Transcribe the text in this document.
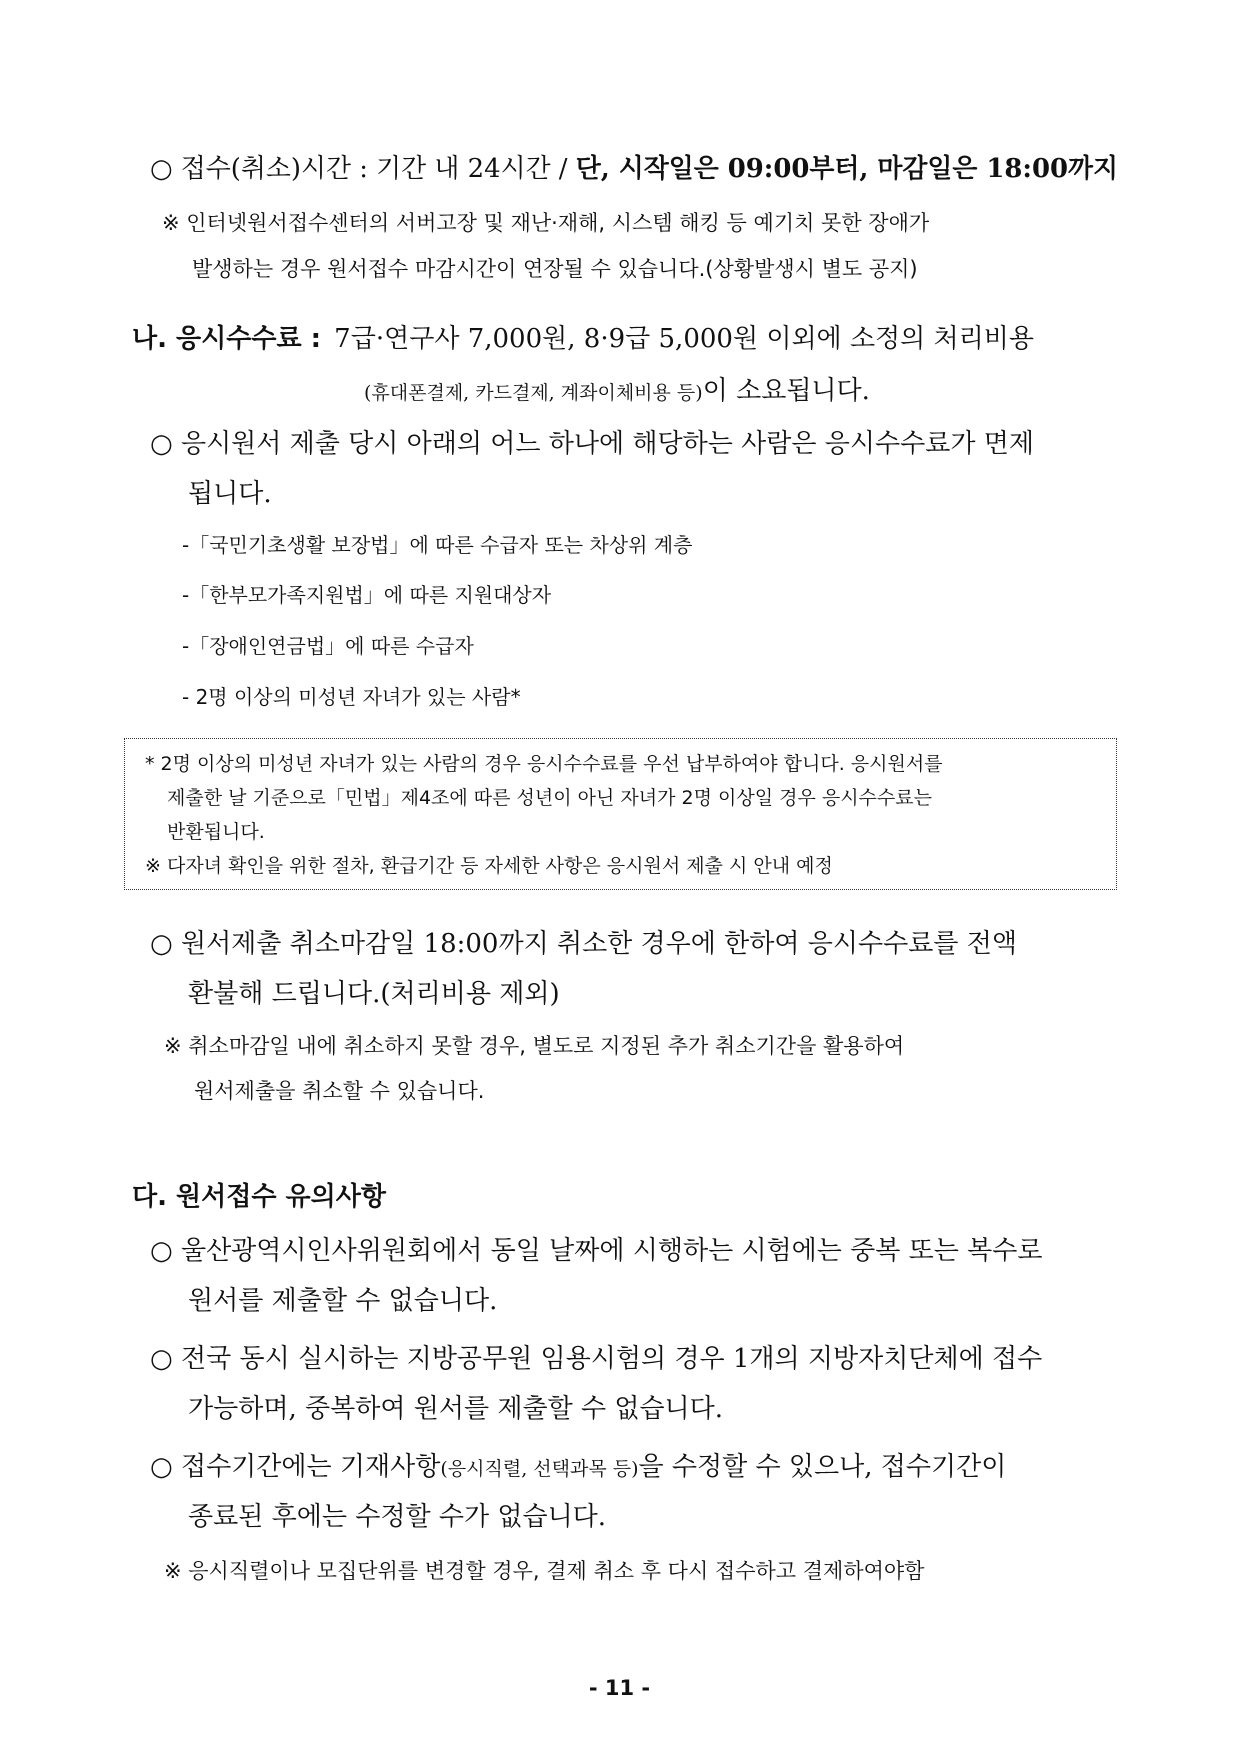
○ 접수(취소)시간 : 기간 내 24시간 / 단, 시작일은 09:00부터, 마감일은 18:00까지
※ 인터넷원서접수센터의 서버고장 및 재난·재해, 시스템 해킹 등 예기치 못한 장애가
발생하는 경우 원서접수 마감시간이 연장될 수 있습니다.(상황발생시 별도 공지)
나. 응시수수료 : 7급·연구사 7,000원, 8·9급 5,000원 이외에 소정의 처리비용
(휴대폰결제, 카드결제, 계좌이체비용 등)이 소요됩니다.
○ 응시원서 제출 당시 아래의 어느 하나에 해당하는 사람은 응시수수료가 면제
됩니다.
-「국민기초생활 보장법」에 따른 수급자 또는 차상위 계층
-「한부모가족지원법」에 따른 지원대상자
-「장애인연금법」에 따른 수급자
- 2명 이상의 미성년 자녀가 있는 사람*
* 2명 이상의 미성년 자녀가 있는 사람의 경우 응시수수료를 우선 납부하여야 합니다. 응시원서를
제출한 날 기준으로「민법」제4조에 따른 성년이 아닌 자녀가 2명 이상일 경우 응시수수료는
반환됩니다.
※ 다자녀 확인을 위한 절차, 환급기간 등 자세한 사항은 응시원서 제출 시 안내 예정
○ 원서제출 취소마감일 18:00까지 취소한 경우에 한하여 응시수수료를 전액
환불해 드립니다.(처리비용 제외)
※ 취소마감일 내에 취소하지 못할 경우, 별도로 지정된 추가 취소기간을 활용하여
원서제출을 취소할 수 있습니다.
다. 원서접수 유의사항
○ 울산광역시인사위원회에서 동일 날짜에 시행하는 시험에는 중복 또는 복수로
원서를 제출할 수 없습니다.
○ 전국 동시 실시하는 지방공무원 임용시험의 경우 1개의 지방자치단체에 접수
가능하며, 중복하여 원서를 제출할 수 없습니다.
○ 접수기간에는 기재사항(응시직렬, 선택과목 등)을 수정할 수 있으나, 접수기간이
종료된 후에는 수정할 수가 없습니다.
※ 응시직렬이나 모집단위를 변경할 경우, 결제 취소 후 다시 접수하고 결제하여야함
- 11 -
